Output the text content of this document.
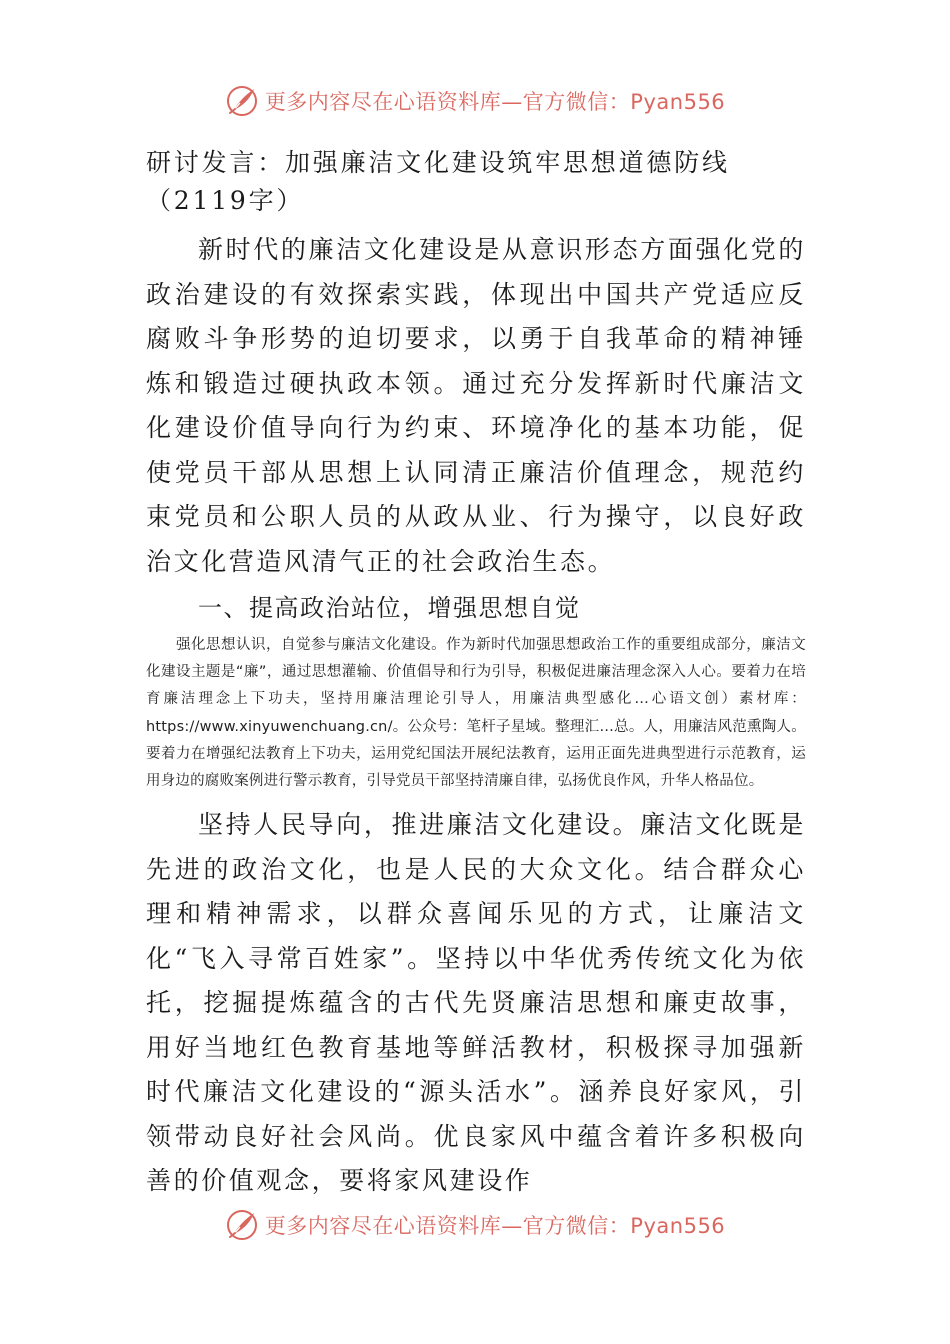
更多内容尽在心语资料库—官方微信：Pyan556
研讨发言：加强廉洁文化建设筑牢思想道德防线（2119字）

新时代的廉洁文化建设是从意识形态方面强化党的政治建设的有效探索实践，体现出中国共产党适应反腐败斗争形势的迫切要求，以勇于自我革命的精神锤炼和锻造过硬执政本领。通过充分发挥新时代廉洁文化建设价值导向行为约束、环境净化的基本功能，促使党员干部从思想上认同清正廉洁价值理念，规范约束党员和公职人员的从政从业、行为操守，以良好政治文化营造风清气正的社会政治生态。

一、提高政治站位，增强思想自觉

强化思想认识，自觉参与廉洁文化建设。作为新时代加强思想政治工作的重要组成部分，廉洁文化建设主题是“廉”，通过思想灌输、价值倡导和行为引导，积极促进廉洁理念深入人心。要着力在培育廉洁理念上下功夫，坚持用廉洁理论引导人，用廉洁典型感化…心语文创）素材库：https://www.xinyuwenchuang.cn/。公众号：笔杆子星域。整理汇…总。人，用廉洁风范熏陶人。要着力在增强纪法教育上下功夫，运用党纪国法开展纪法教育，运用正面先进典型进行示范教育，运用身边的腐败案例进行警示教育，引导党员干部坚持清廉自律，弘扬优良作风，升华人格品位。

坚持人民导向，推进廉洁文化建设。廉洁文化既是先进的政治文化，也是人民的大众文化。结合群众心理和精神需求，以群众喜闻乐见的方式，让廉洁文化“飞入寻常百姓家”。坚持以中华优秀传统文化为依托，挖掘提炼蕴含的古代先贤廉洁思想和廉吏故事，用好当地红色教育基地等鲜活教材，积极探寻加强新时代廉洁文化建设的“源头活水”。涵养良好家风，引领带动良好社会风尚。优良家风中蕴含着许多积极向善的价值观念，要将家风建设作

更多内容尽在心语资料库—官方微信：Pyan556
